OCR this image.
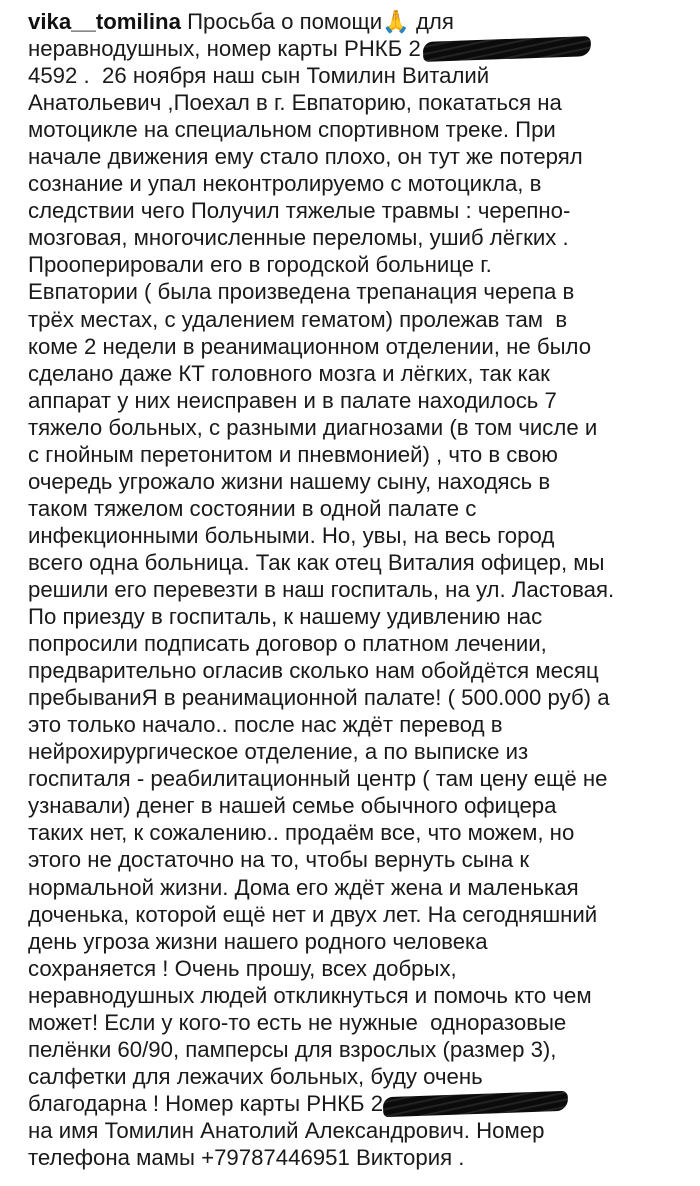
vika__tomilina Просьба о помощи🙏 для
неравнодушных, номер карты РНКБ 2
4592 .  26 ноября наш сын Томилин Виталий
Анатольевич ,Поехал в г. Евпаторию, покататься на
мотоцикле на специальном спортивном треке. При
начале движения ему стало плохо, он тут же потерял
сознание и упал неконтролируемо с мотоцикла, в
следствии чего Получил тяжелые травмы : черепно-
мозговая, многочисленные переломы, ушиб лёгких .
Прооперировали его в городской больнице г.
Евпатории ( была произведена трепанация черепа в
трёх местах, с удалением гематом) пролежав там  в
коме 2 недели в реанимационном отделении, не было
сделано даже КТ головного мозга и лёгких, так как
аппарат у них неисправен и в палате находилось 7
тяжело больных, с разными диагнозами (в том числе и
с гнойным перетонитом и пневмонией) , что в свою
очередь угрожало жизни нашему сыну, находясь в
таком тяжелом состоянии в одной палате с
инфекционными больными. Но, увы, на весь город
всего одна больница. Так как отец Виталия офицер, мы
решили его перевезти в наш госпиталь, на ул. Ластовая.
По приезду в госпиталь, к нашему удивлению нас
попросили подписать договор о платном лечении,
предварительно огласив сколько нам обойдётся месяц
пребываниЯ в реанимационной палате! ( 500.000 руб) а
это только начало.. после нас ждёт перевод в
нейрохирургическое отделение, а по выписке из
госпиталя - реабилитационный центр ( там цену ещё не
узнавали) денег в нашей семье обычного офицера
таких нет, к сожалению.. продаём все, что можем, но
этого не достаточно на то, чтобы вернуть сына к
нормальной жизни. Дома его ждёт жена и маленькая
доченька, которой ещё нет и двух лет. На сегодняшний
день угроза жизни нашего родного человека
сохраняется ! Очень прошу, всех добрых,
неравнодушных людей откликнуться и помочь кто чем
может! Если у кого-то есть не нужные  одноразовые
пелёнки 60/90, памперсы для взрослых (размер 3),
салфетки для лежачих больных, буду очень
благодарна ! Номер карты РНКБ 2
на имя Томилин Анатолий Александрович. Номер
телефона мамы +79787446951 Виктория .
